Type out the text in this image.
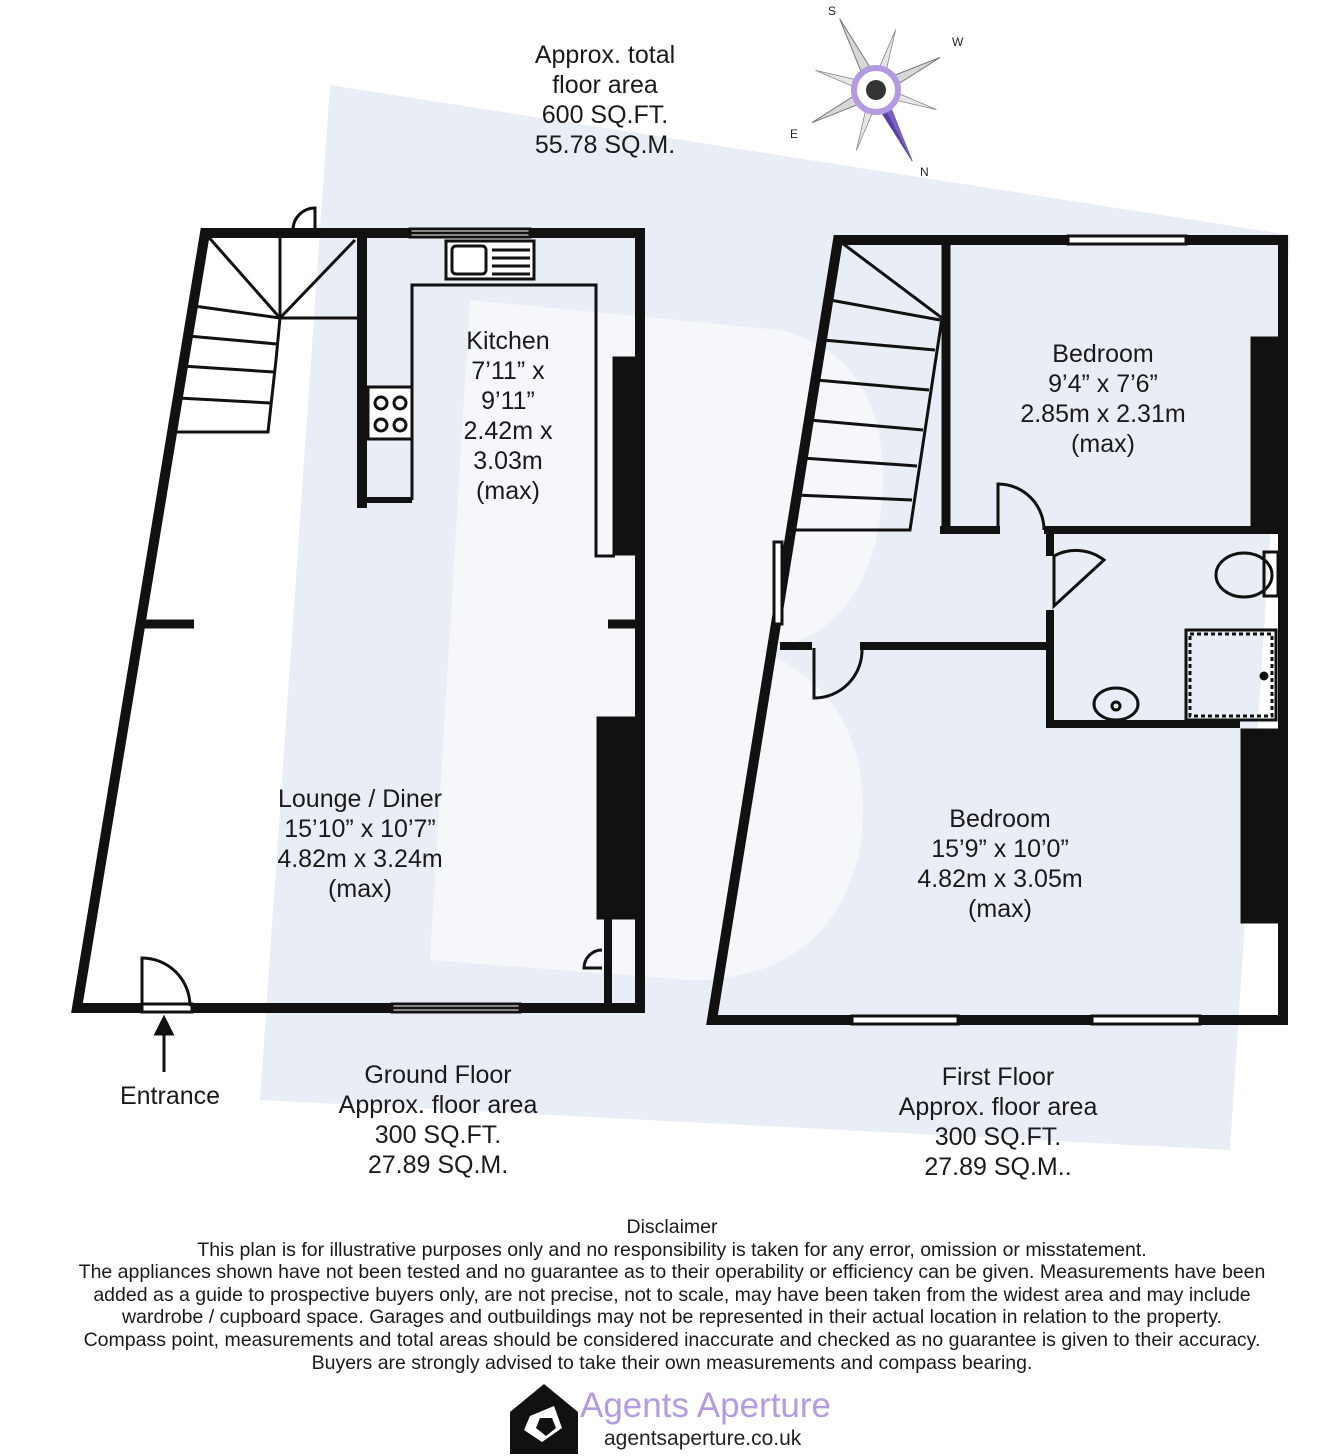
S
W
E
N
Approx. total
floor area
600 SQ.FT.
55.78 SQ.M.
Kitchen
7’11” x
9’11”
2.42m x
3.03m
(max)
Lounge / Diner
15’10” x 10’7”
4.82m x 3.24m
(max)
Bedroom
9’4” x 7’6”
2.85m x 2.31m
(max)
Bedroom
15’9” x 10’0”
4.82m x 3.05m
(max)
Entrance
Ground Floor
Approx. floor area
300 SQ.FT.
27.89 SQ.M.
First Floor
Approx. floor area
300 SQ.FT.
27.89 SQ.M..
Disclaimer
This plan is for illustrative purposes only and no responsibility is taken for any error, omission or misstatement.
The appliances shown have not been tested and no guarantee as to their operability or efficiency can be given. Measurements have been
added as a guide to prospective buyers only, are not precise, not to scale, may have been taken from the widest area and may include
wardrobe / cupboard space. Garages and outbuildings may not be represented in their actual location in relation to the property.
Compass point, measurements and total areas should be considered inaccurate and checked as no guarantee is given to their accuracy.
Buyers are strongly advised to take their own measurements and compass bearing.
Agents Aperture
agentsaperture.co.uk
